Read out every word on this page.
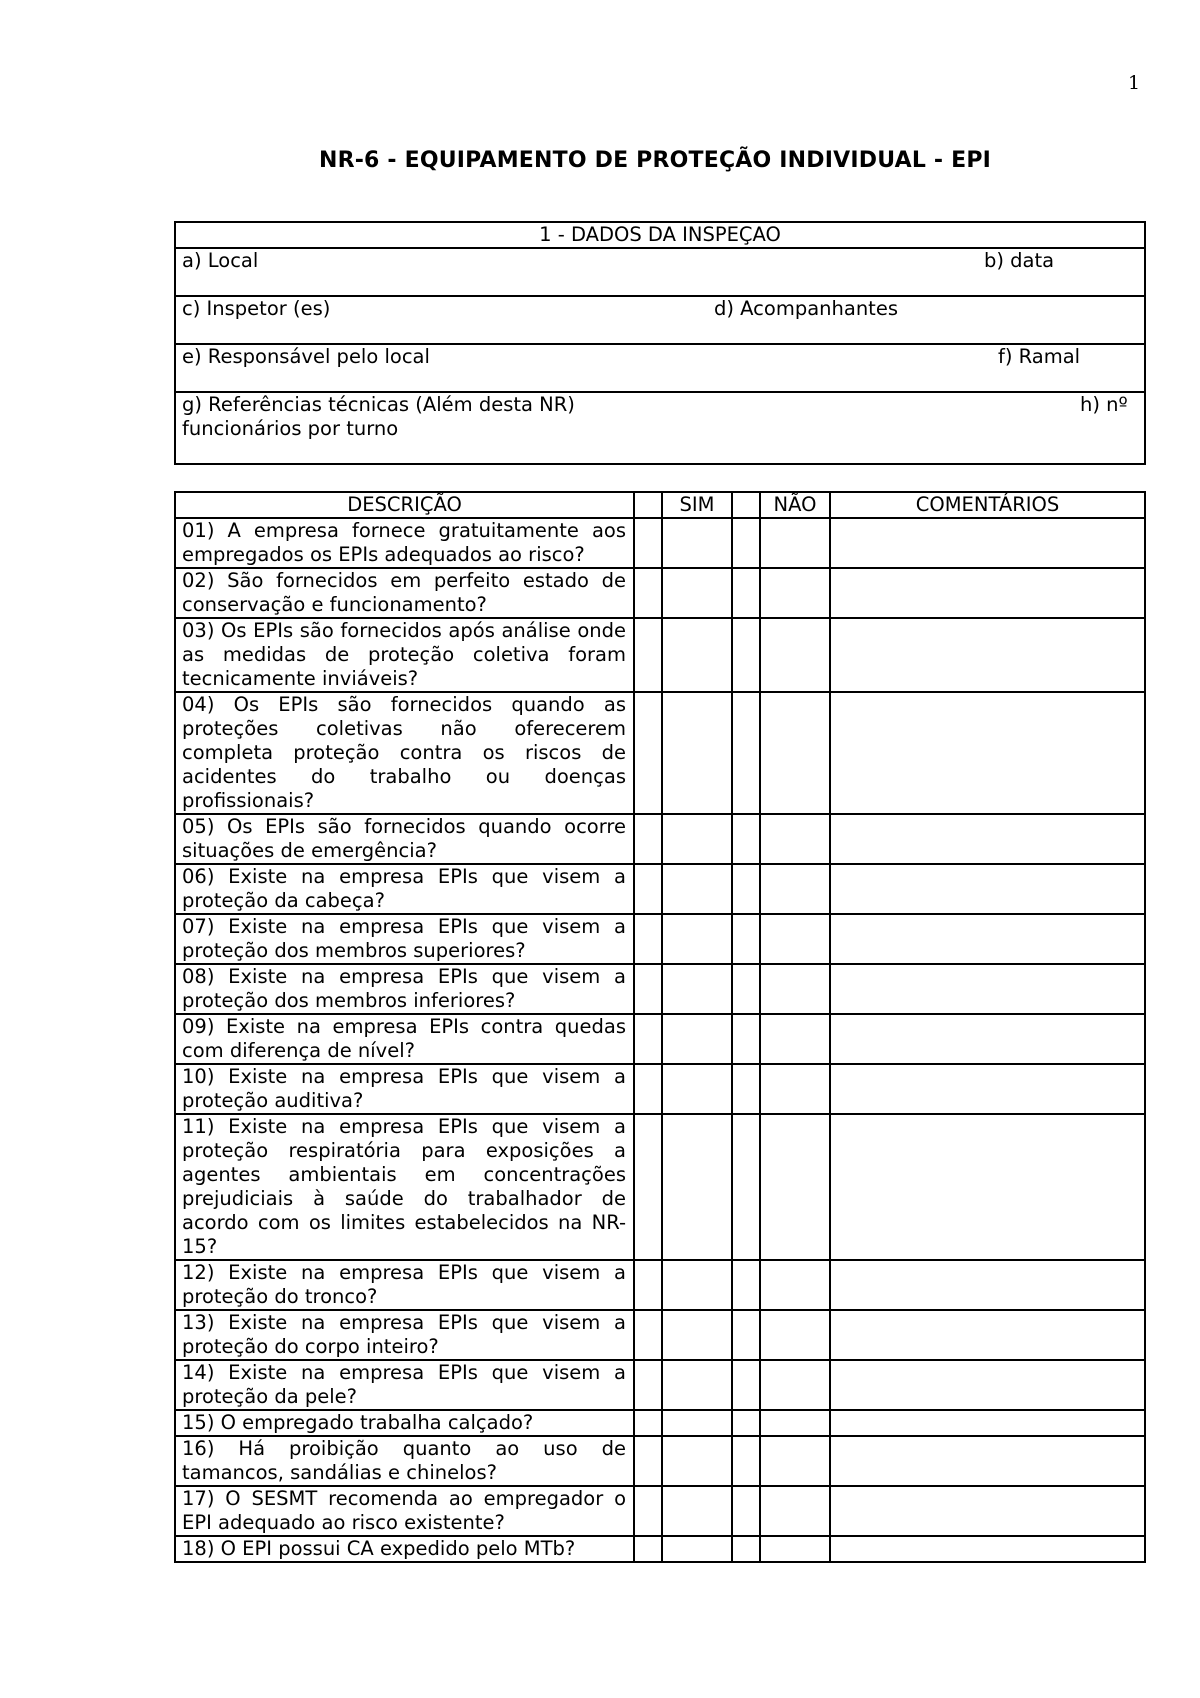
1
NR-6 - EQUIPAMENTO DE PROTEÇÃO INDIVIDUAL - EPI
1 - DADOS DA INSPEÇAO

a) Local	b) data

c) Inspetor (es)	d) Acompanhantes

e) Responsável pelo local	f) Ramal

g) Referências técnicas (Além desta NR)	h) nº
funcionários por turno
DESCRIÇÃO		SIM		NÃO	COMENTÁRIOS
01) A empresa fornece gratuitamente aos empregados os EPIs adequados ao risco?					
02) São fornecidos em perfeito estado de conservação e funcionamento?					
03) Os EPIs são fornecidos após análise onde as medidas de proteção coletiva foram tecnicamente inviáveis?					
04) Os EPIs são fornecidos quando as proteções coletivas não oferecerem completa proteção contra os riscos de acidentes do trabalho ou doenças profissionais?					
05) Os EPIs são fornecidos quando ocorre situações de emergência?					
06) Existe na empresa EPIs que visem a proteção da cabeça?					
07) Existe na empresa EPIs que visem a proteção dos membros superiores?					
08) Existe na empresa EPIs que visem a proteção dos membros inferiores?					
09) Existe na empresa EPIs contra quedas com diferença de nível?					
10) Existe na empresa EPIs que visem a proteção auditiva?					
11) Existe na empresa EPIs que visem a proteção respiratória para exposições a agentes ambientais em concentrações prejudiciais à saúde do trabalhador de acordo com os limites estabelecidos na NR-15?					
12) Existe na empresa EPIs que visem a proteção do tronco?					
13) Existe na empresa EPIs que visem a proteção do corpo inteiro?					
14) Existe na empresa EPIs que visem a proteção da pele?					
15) O empregado trabalha calçado?					
16) Há proibição quanto ao uso de tamancos, sandálias e chinelos?					
17) O SESMT recomenda ao empregador o EPI adequado ao risco existente?					
18) O EPI possui CA expedido pelo MTb?					
